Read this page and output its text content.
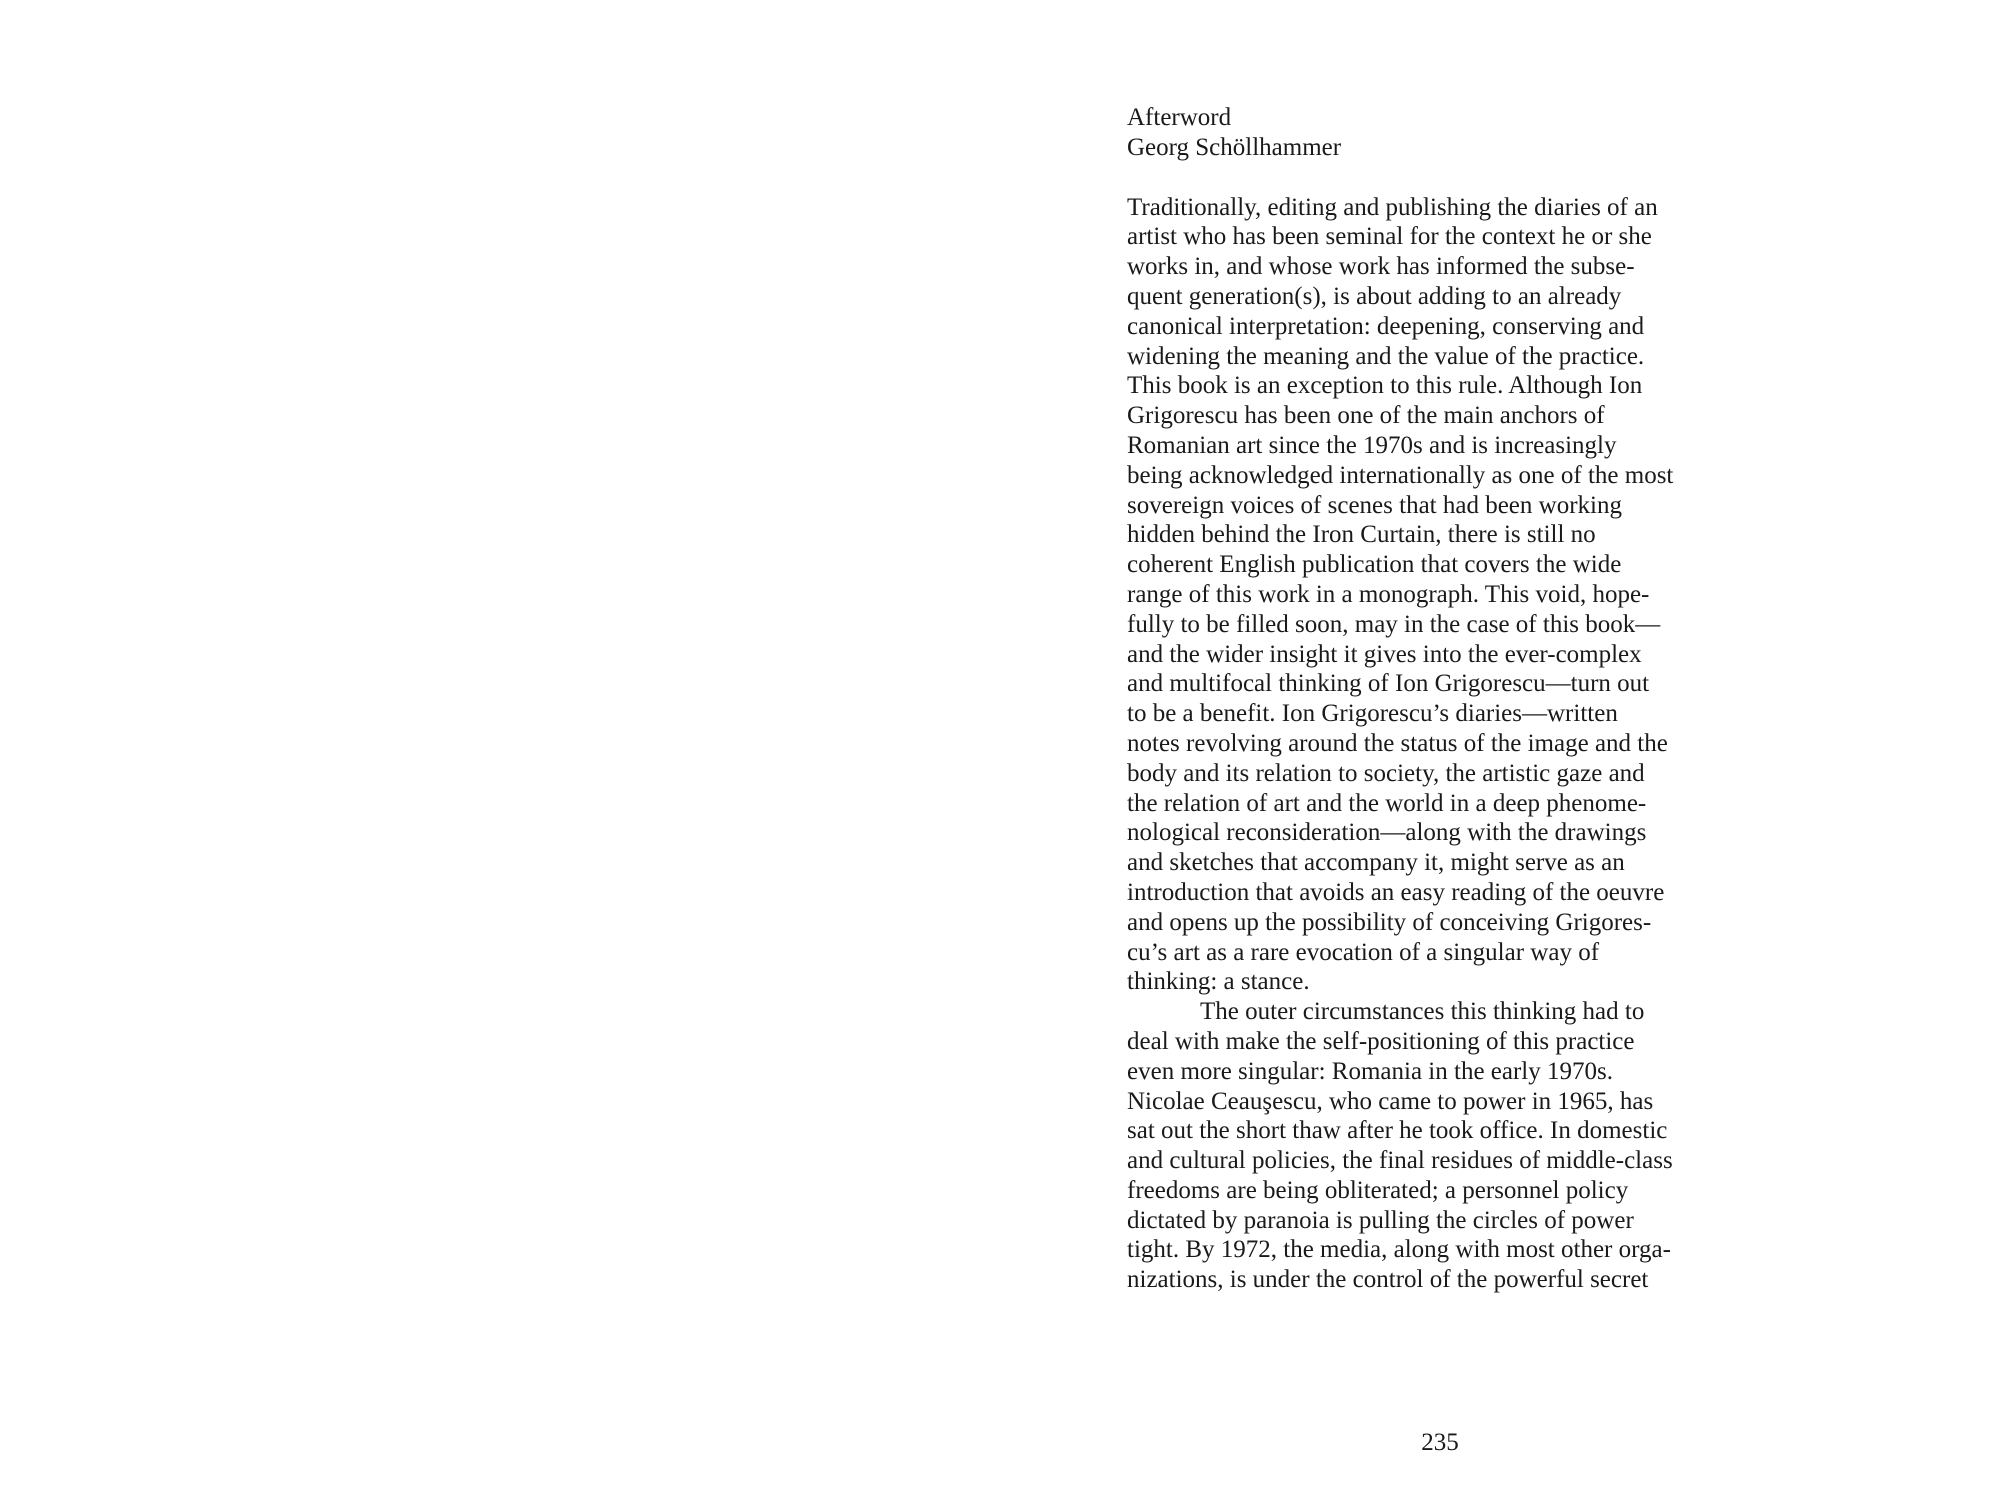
Afterword
Georg Schöllhammer
Traditionally, editing and publishing the diaries of an
artist who has been seminal for the context he or she
works in, and whose work has informed the subse-
quent generation(s), is about adding to an already
canonical interpretation: deepening, conserving and
widening the meaning and the value of the practice.
This book is an exception to this rule. Although Ion
Grigorescu has been one of the main anchors of
Romanian art since the 1970s and is increasingly
being acknowledged internationally as one of the most
sovereign voices of scenes that had been working
hidden behind the Iron Curtain, there is still no
coherent English publication that covers the wide
range of this work in a monograph. This void, hope-
fully to be filled soon, may in the case of this book—
and the wider insight it gives into the ever-complex
and multifocal thinking of Ion Grigorescu—turn out
to be a benefit. Ion Grigorescu’s diaries—written
notes revolving around the status of the image and the
body and its relation to society, the artistic gaze and
the relation of art and the world in a deep phenome-
nological reconsideration—along with the drawings
and sketches that accompany it, might serve as an
introduction that avoids an easy reading of the oeuvre
and opens up the possibility of conceiving Grigores-
cu’s art as a rare evocation of a singular way of
thinking: a stance.
The outer circumstances this thinking had to
deal with make the self-positioning of this practice
even more singular: Romania in the early 1970s.
Nicolae Ceauşescu, who came to power in 1965, has
sat out the short thaw after he took office. In domestic
and cultural policies, the final residues of middle-class
freedoms are being obliterated; a personnel policy
dictated by paranoia is pulling the circles of power
tight. By 1972, the media, along with most other orga-
nizations, is under the control of the powerful secret
235
